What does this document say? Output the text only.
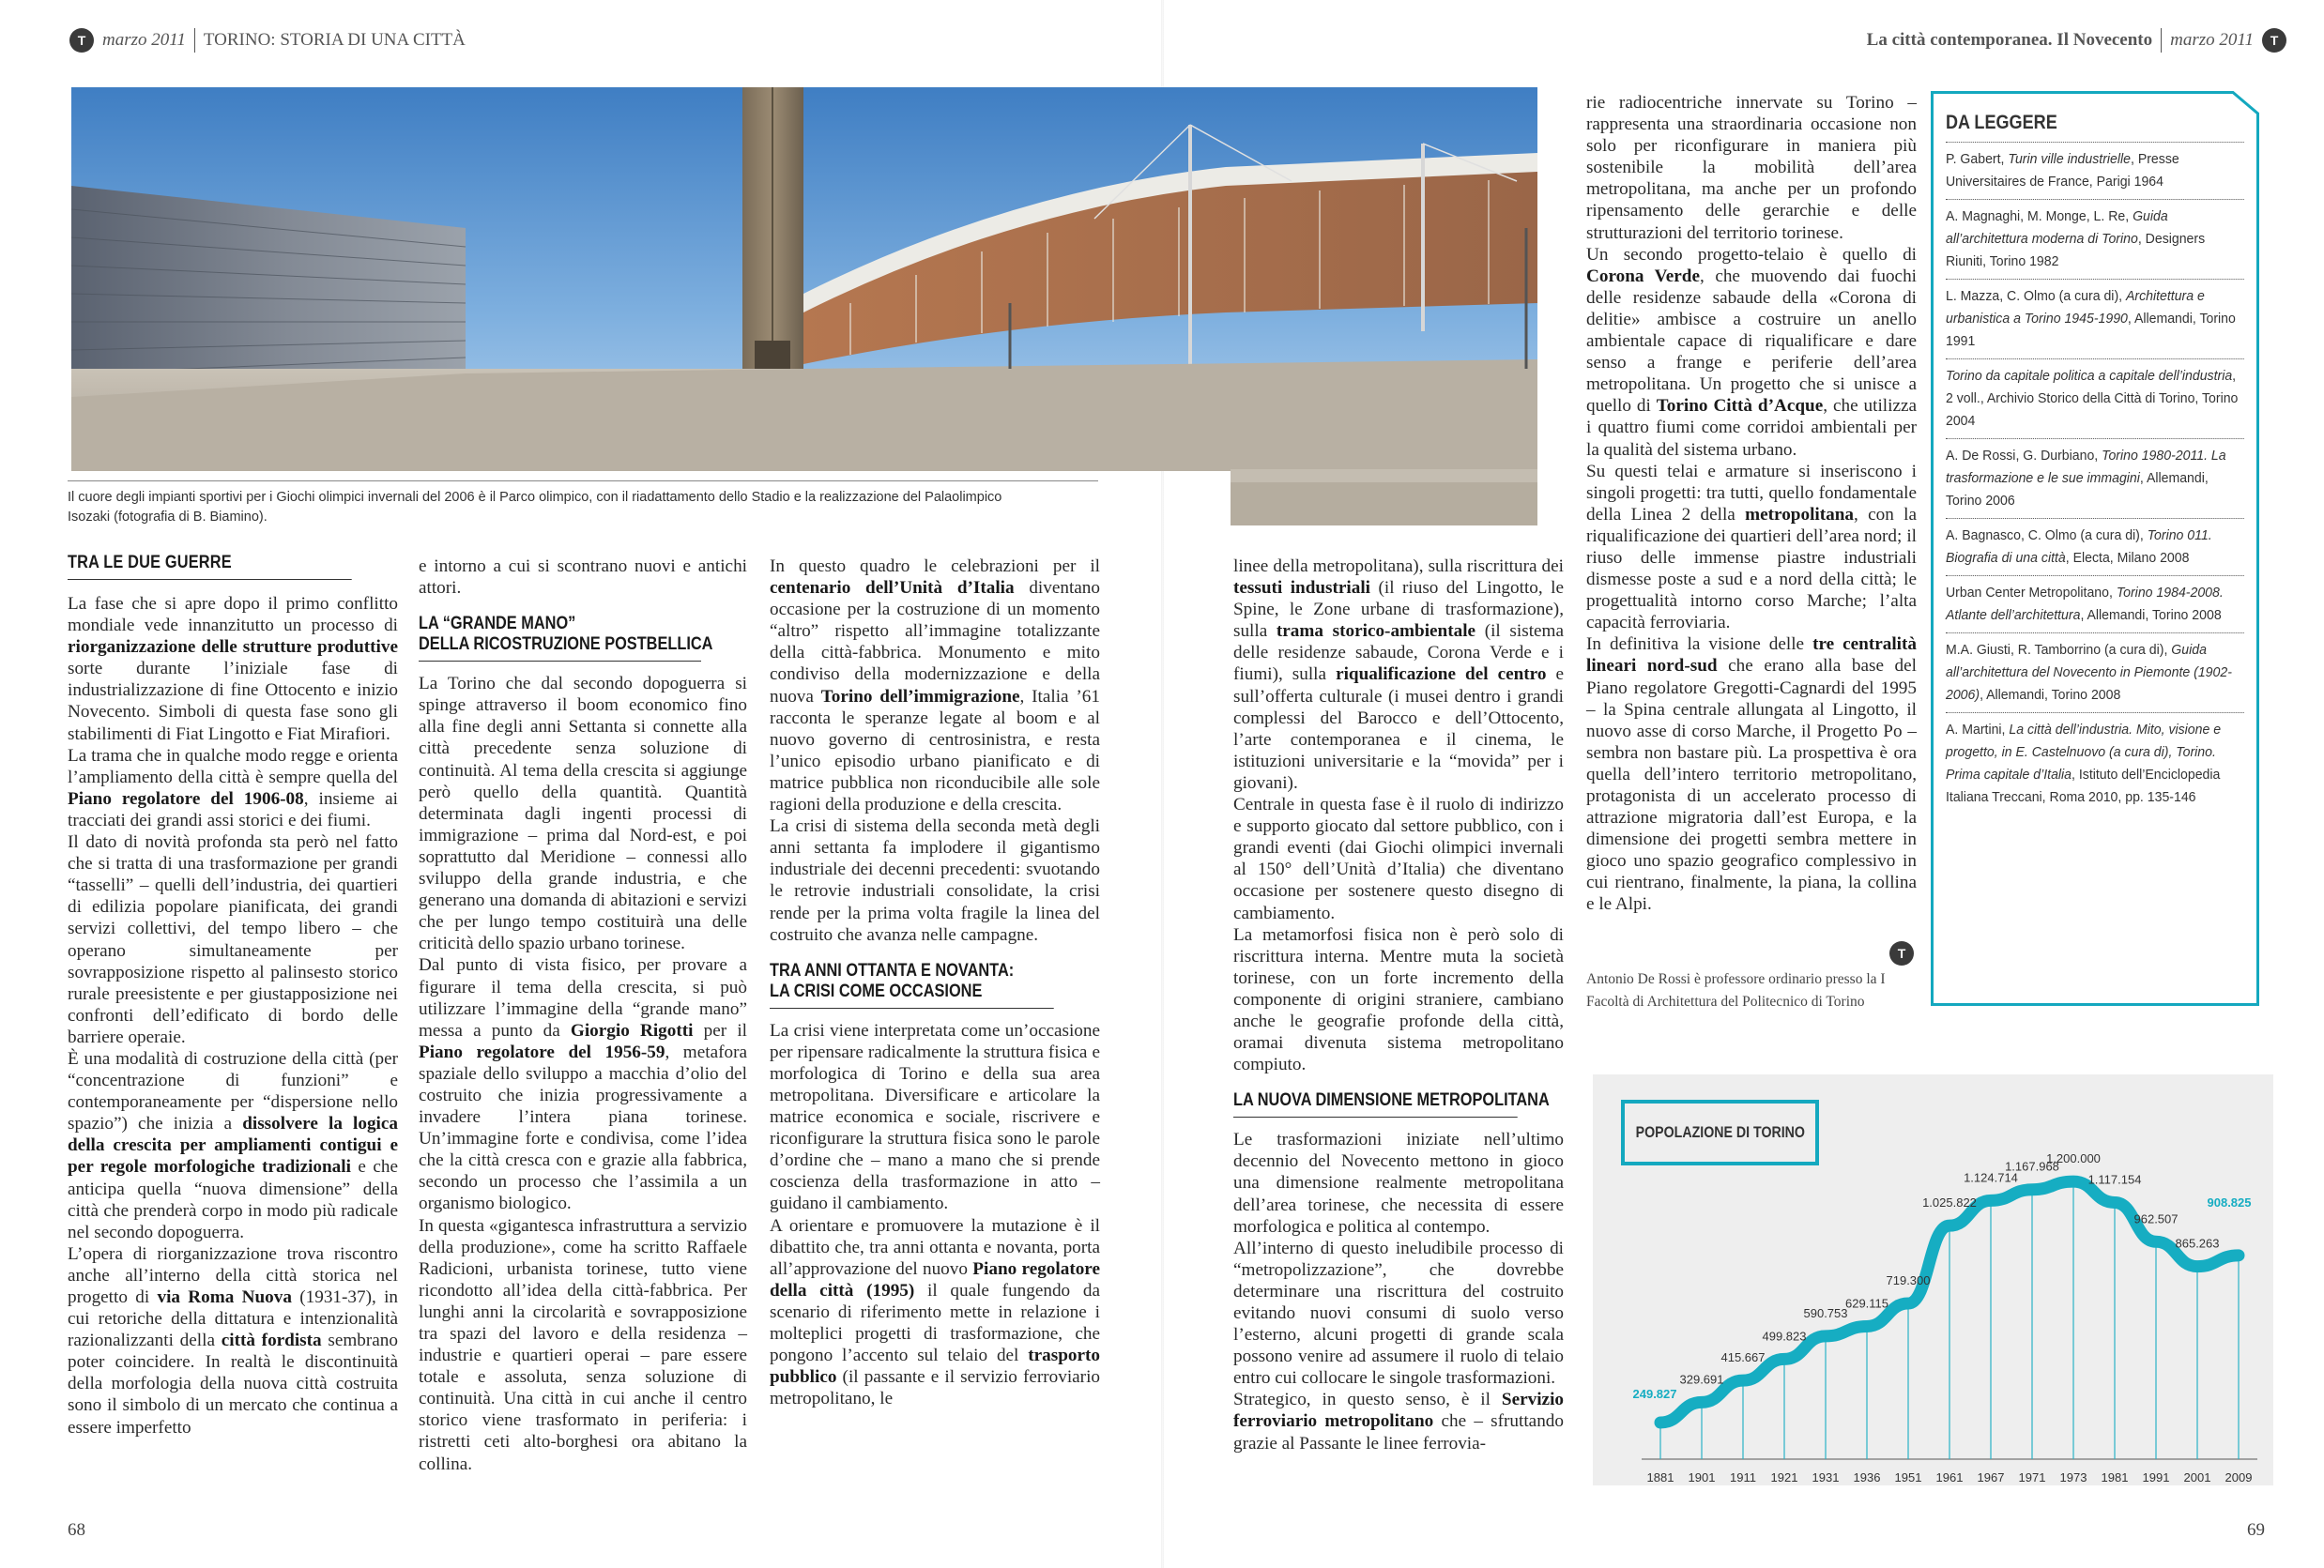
T marzo 2011 TORINO: STORIA DI UNA CITTÀ	La città contemporanea. Il Novecento marzo 2011	T
Il cuore degli impianti sportivi per i Giochi olimpici invernali del 2006 è il Parco olimpico, con il riadattamento dello Stadio e la realizzazione del Palaolimpico Isozaki (fotografia di B. Biamino).
TRA LE DUE GUERRE

La fase che si apre dopo il primo conflitto mondiale vede innanzitutto un processo di riorganizzazione delle strutture produttive sorte durante l’iniziale fase di industrializzazione di fine Ottocento e inizio Novecento. Simboli di questa fase sono gli stabilimenti di Fiat Lingotto e Fiat Mirafiori.

La trama che in qualche modo regge e orienta l’ampliamento della città è sempre quella del Piano regolatore del 1906-08, insieme ai tracciati dei grandi assi storici e dei fiumi.

Il dato di novità profonda sta però nel fatto che si tratta di una trasformazione per grandi “tasselli” – quelli dell’industria, dei quartieri di edilizia popolare pianificata, dei grandi servizi collettivi, del tempo libero – che operano simultaneamente per sovrapposizione rispetto al palinsesto storico rurale preesistente e per giustapposizione nei confronti dell’edificato di bordo delle barriere operaie.

È una modalità di costruzione della città (per “concentrazione di funzioni” e contemporaneamente per “dispersione nello spazio”) che inizia a dissolvere la logica della crescita per ampliamenti contigui e per regole morfologiche tradizionali e che anticipa quella “nuova dimensione” della città che prenderà corpo in modo più radicale nel secondo dopoguerra.

L’opera di riorganizzazione trova riscontro anche all’interno della città storica nel progetto di via Roma Nuova (1931-37), in cui retoriche della dittatura e intenzionalità razionalizzanti della città fordista sembrano poter coincidere. In realtà le discontinuità della morfologia della nuova città costruita sono il simbolo di un mercato che continua a essere imperfetto

e intorno a cui si scontrano nuovi e antichi attori.

LA “GRANDE MANO”
DELLA RICOSTRUZIONE POSTBELLICA

La Torino che dal secondo dopoguerra si spinge attraverso il boom economico fino alla fine degli anni Settanta si connette alla città precedente senza soluzione di continuità. Al tema della crescita si aggiunge però quello della quantità. Quantità determinata dagli ingenti processi di immigrazione – prima dal Nord-est, e poi soprattutto dal Meridione – connessi allo sviluppo della grande industria, e che generano una domanda di abitazioni e servizi che per lungo tempo costituirà una delle criticità dello spazio urbano torinese.

Dal punto di vista fisico, per provare a figurare il tema della crescita, si può utilizzare l’immagine della “grande mano” messa a punto da Giorgio Rigotti per il Piano regolatore del 1956-59, metafora spaziale dello sviluppo a macchia d’olio del costruito che inizia progressivamente a invadere l’intera piana torinese. Un’immagine forte e condivisa, come l’idea che la città cresca con e grazie alla fabbrica, secondo un processo che l’assimila a un organismo biologico.

In questa «gigantesca infrastruttura a servizio della produzione», come ha scritto Raffaele Radicioni, urbanista torinese, tutto viene ricondotto all’idea della città-fabbrica. Per lunghi anni la circolarità e sovrapposizione tra spazi del lavoro e della residenza – industrie e quartieri operai – pare essere totale e assoluta, senza soluzione di continuità. Una città in cui anche il centro storico viene trasformato in periferia: i ristretti ceti alto-borghesi ora abitano la collina.

In questo quadro le celebrazioni per il centenario dell’Unità d’Italia diventano occasione per la costruzione di un momento “altro” rispetto all’immagine totalizzante della città-fabbrica. Monumento e mito condiviso della modernizzazione e della nuova Torino dell’immigrazione, Italia ’61 racconta le speranze legate al boom e al nuovo governo di centrosinistra, e resta l’unico episodio urbano pianificato e di matrice pubblica non riconducibile alle sole ragioni della produzione e della crescita.

La crisi di sistema della seconda metà degli anni settanta fa implodere il gigantismo industriale dei decenni precedenti: svuotando le retrovie industriali consolidate, la crisi rende per la prima volta fragile la linea del costruito che avanza nelle campagne.

TRA ANNI OTTANTA E NOVANTA:
LA CRISI COME OCCASIONE

La crisi viene interpretata come un’occasione per ripensare radicalmente la struttura fisica e morfologica di Torino e della sua area metropolitana. Diversificare e articolare la matrice economica e sociale, riscrivere e riconfigurare la struttura fisica sono le parole d’ordine che – mano a mano che si prende coscienza della trasformazione in atto – guidano il cambiamento.

A orientare e promuovere la mutazione è il dibattito che, tra anni ottanta e novanta, porta all’approvazione del nuovo Piano regolatore della città (1995) il quale fungendo da scenario di riferimento mette in relazione i molteplici progetti di trasformazione, che pongono l’accento sul telaio del trasporto pubblico (il passante e il servizio ferroviario metropolitano, le

linee della metropolitana), sulla riscrittura dei tessuti industriali (il riuso del Lingotto, le Spine, le Zone urbane di trasformazione), sulla trama storico-ambientale (il sistema delle residenze sabaude, Corona Verde e i fiumi), sulla riqualificazione del centro e sull’offerta culturale (i musei dentro i grandi complessi del Barocco e dell’Ottocento, l’arte contemporanea e il cinema, le istituzioni universitarie e la “movida” per i giovani).

Centrale in questa fase è il ruolo di indirizzo e supporto giocato dal settore pubblico, con i grandi eventi (dai Giochi olimpici invernali al 150° dell’Unità d’Italia) che diventano occasione per sostenere questo disegno di cambiamento.

La metamorfosi fisica non è però solo di riscrittura interna. Mentre muta la società torinese, con un forte incremento della componente di origini straniere, cambiano anche le geografie profonde della città, oramai divenuta sistema metropolitano compiuto.

LA NUOVA DIMENSIONE METROPOLITANA

Le trasformazioni iniziate nell’ultimo decennio del Novecento mettono in gioco una dimensione realmente metropolitana dell’area torinese, che necessita di essere morfologica e politica al contempo.

All’interno di questo ineludibile processo di “metropolizzazione”, che dovrebbe determinare una riscrittura del costruito evitando nuovi consumi di suolo verso l’esterno, alcuni progetti di grande scala possono venire ad assumere il ruolo di telaio entro cui collocare le singole trasformazioni.

Strategico, in questo senso, è il Servizio ferroviario metropolitano che – sfruttando grazie al Passante le linee ferrovia-

rie radiocentriche innervate su Torino – rappresenta una straordinaria occasione non solo per riconfigurare in maniera più sostenibile la mobilità dell’area metropolitana, ma anche per un profondo ripensamento delle gerarchie e delle strutturazioni del territorio torinese.

Un secondo progetto-telaio è quello di Corona Verde, che muovendo dai fuochi delle residenze sabaude della «Corona di delitie» ambisce a costruire un anello ambientale capace di riqualificare e dare senso a frange e periferie dell’area metropolitana. Un progetto che si unisce a quello di Torino Città d’Acque, che utilizza i quattro fiumi come corridoi ambientali per la qualità del sistema urbano.

Su questi telai e armature si inseriscono i singoli progetti: tra tutti, quello fondamentale della Linea 2 della metropolitana, con la riqualificazione dei quartieri dell’area nord; il riuso delle immense piastre industriali dismesse poste a sud e a nord della città; le progettualità intorno corso Marche; l’alta capacità ferroviaria.

In definitiva la visione delle tre centralità lineari nord-sud che erano alla base del Piano regolatore Gregotti-Cagnardi del 1995 – la Spina centrale allungata al Lingotto, il nuovo asse di corso Marche, il Progetto Po – sembra non bastare più. La prospettiva è ora quella dell’intero territorio metropolitano, protagonista di un accelerato processo di attrazione migratoria dall’est Europa, e la dimensione dei progetti sembra mettere in gioco uno spazio geografico complessivo in cui rientrano, finalmente, la piana, la collina e le Alpi.

T
Antonio De Rossi è professore ordinario presso la I Facoltà di Architettura del Politecnico di Torino
DA LEGGERE
P. Gabert, Turin ville industrielle, Presse Universitaires de France, Parigi 1964
A. Magnaghi, M. Monge, L. Re, Guida all’architettura moderna di Torino, Designers Riuniti, Torino 1982
L. Mazza, C. Olmo (a cura di), Architettura e urbanistica a Torino 1945-1990, Allemandi, Torino 1991
Torino da capitale politica a capitale dell’industria, 2 voll., Archivio Storico della Città di Torino, Torino 2004
A. De Rossi, G. Durbiano, Torino 1980-2011. La trasformazione e le sue immagini, Allemandi, Torino 2006
A. Bagnasco, C. Olmo (a cura di), Torino 011. Biografia di una città, Electa, Milano 2008
Urban Center Metropolitano, Torino 1984-2008. Atlante dell’architettura, Allemandi, Torino 2008
M.A. Giusti, R. Tamborrino (a cura di), Guida all’architettura del Novecento in Piemonte (1902-2006), Allemandi, Torino 2008
A. Martini, La città dell’industria. Mito, visione e progetto, in E. Castelnuovo (a cura di), Torino. Prima capitale d’Italia, Istituto dell’Enciclopedia Italiana Treccani, Roma 2010, pp. 135-146
249.827
1881
329.691
1901
415.667
1911
499.823
1921
590.753
1931
629.115
1936
719.300
1951
1.025.822
1961
1.124.714
1967
1.167.968
1971
1.200.000
1973
1.117.154
1981
962.507
1991
865.263
2001
908.825
2009
POPOLAZIONE DI TORINO
68	69
